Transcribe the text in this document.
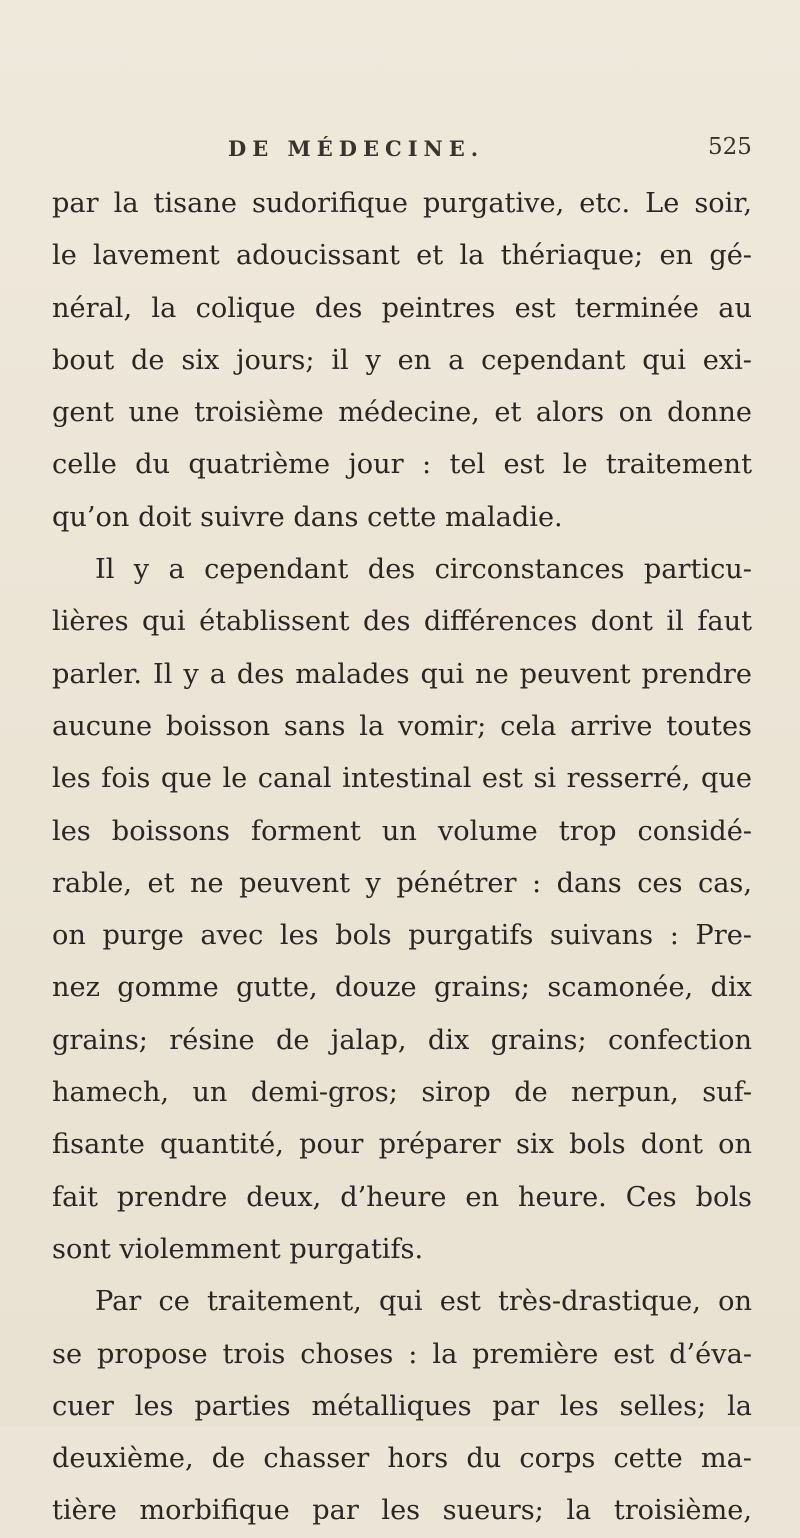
DE MÉDECINE.	525
par la tisane sudorifique purgative, etc. Le soir,
le lavement adoucissant et la thériaque; en gé-
néral, la colique des peintres est terminée au
bout de six jours; il y en a cependant qui exi-
gent une troisième médecine, et alors on donne
celle du quatrième jour : tel est le traitement
qu’on doit suivre dans cette maladie.
Il y a cependant des circonstances particu-
lières qui établissent des différences dont il faut
parler. Il y a des malades qui ne peuvent prendre
aucune boisson sans la vomir; cela arrive toutes
les fois que le canal intestinal est si resserré, que
les boissons forment un volume trop considé-
rable, et ne peuvent y pénétrer : dans ces cas,
on purge avec les bols purgatifs suivans : Pre-
nez gomme gutte, douze grains; scamonée, dix
grains; résine de jalap, dix grains; confection
hamech, un demi-gros; sirop de nerpun, suf-
fisante quantité, pour préparer six bols dont on
fait prendre deux, d’heure en heure. Ces bols
sont violemment purgatifs.
Par ce traitement, qui est très-drastique, on
se propose trois choses : la première est d’éva-
cuer les parties métalliques par les selles; la
deuxième, de chasser hors du corps cette ma-
tière morbifique par les sueurs; la troisième,
